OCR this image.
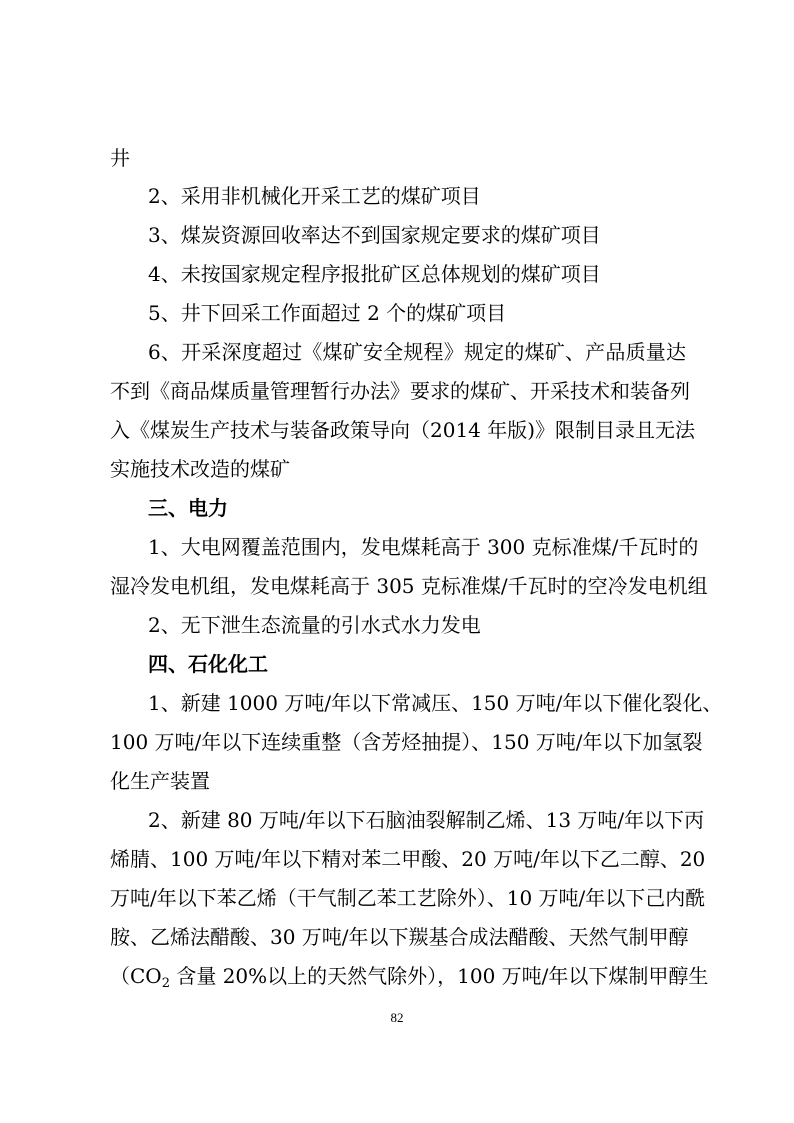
井
2、采用非机械化开采工艺的煤矿项目
3、煤炭资源回收率达不到国家规定要求的煤矿项目
4、未按国家规定程序报批矿区总体规划的煤矿项目
5、井下回采工作面超过 2 个的煤矿项目
6、开采深度超过《煤矿安全规程》规定的煤矿、产品质量达
不到《商品煤质量管理暂行办法》要求的煤矿、开采技术和装备列
入《煤炭生产技术与装备政策导向（2014 年版)》限制目录且无法
实施技术改造的煤矿
三、电力
1、大电网覆盖范围内，发电煤耗高于 300 克标准煤/千瓦时的
湿冷发电机组，发电煤耗高于 305 克标准煤/千瓦时的空冷发电机组
2、无下泄生态流量的引水式水力发电
四、石化化工
1、新建 1000 万吨/年以下常减压、150 万吨/年以下催化裂化、
100 万吨/年以下连续重整（含芳烃抽提）、150 万吨/年以下加氢裂
化生产装置
2、新建 80 万吨/年以下石脑油裂解制乙烯、13 万吨/年以下丙
烯腈、100 万吨/年以下精对苯二甲酸、20 万吨/年以下乙二醇、20
万吨/年以下苯乙烯（干气制乙苯工艺除外）、10 万吨/年以下己内酰
胺、乙烯法醋酸、30 万吨/年以下羰基合成法醋酸、天然气制甲醇
（$CO_2$ 含量 20%以上的天然气除外），100 万吨/年以下煤制甲醇生
82
